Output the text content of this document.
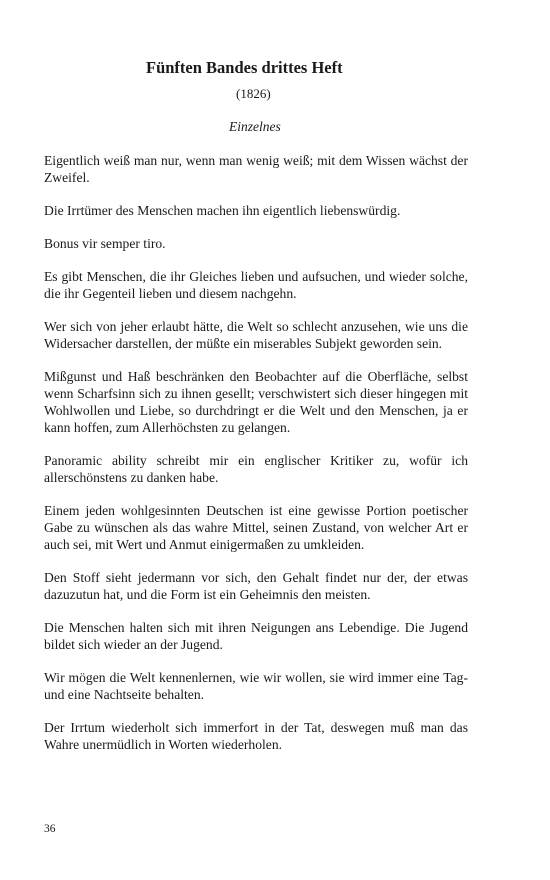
Fünften Bandes drittes Heft
(1826)
Einzelnes

Eigentlich weiß man nur, wenn man wenig weiß; mit dem Wissen wächst der Zweifel.

Die Irrtümer des Menschen machen ihn eigentlich liebenswürdig.

Bonus vir semper tiro.

Es gibt Menschen, die ihr Gleiches lieben und aufsuchen, und wieder solche, die ihr Gegenteil lieben und diesem nachgehn.

Wer sich von jeher erlaubt hätte, die Welt so schlecht anzusehen, wie uns die Widersacher darstellen, der müßte ein miserables Subjekt geworden sein.

Mißgunst und Haß beschränken den Beobachter auf die Oberfläche, selbst wenn Scharfsinn sich zu ihnen gesellt; verschwistert sich dieser hingegen mit Wohlwollen und Liebe, so durchdringt er die Welt und den Menschen, ja er kann hoffen, zum Allerhöchsten zu gelangen.

Panoramic ability schreibt mir ein englischer Kritiker zu, wofür ich allerschönstens zu danken habe.

Einem jeden wohlgesinnten Deutschen ist eine gewisse Portion poetischer Gabe zu wünschen als das wahre Mittel, seinen Zustand, von welcher Art er auch sei, mit Wert und Anmut einigermaßen zu umkleiden.

Den Stoff sieht jedermann vor sich, den Gehalt findet nur der, der etwas dazuzutun hat, und die Form ist ein Geheimnis den meisten.

Die Menschen halten sich mit ihren Neigungen ans Lebendige. Die Jugend bildet sich wieder an der Jugend.

Wir mögen die Welt kennenlernen, wie wir wollen, sie wird immer eine Tag- und eine Nachtseite behalten.

Der Irrtum wiederholt sich immerfort in der Tat, deswegen muß man das Wahre unermüdlich in Worten wiederholen.

36
